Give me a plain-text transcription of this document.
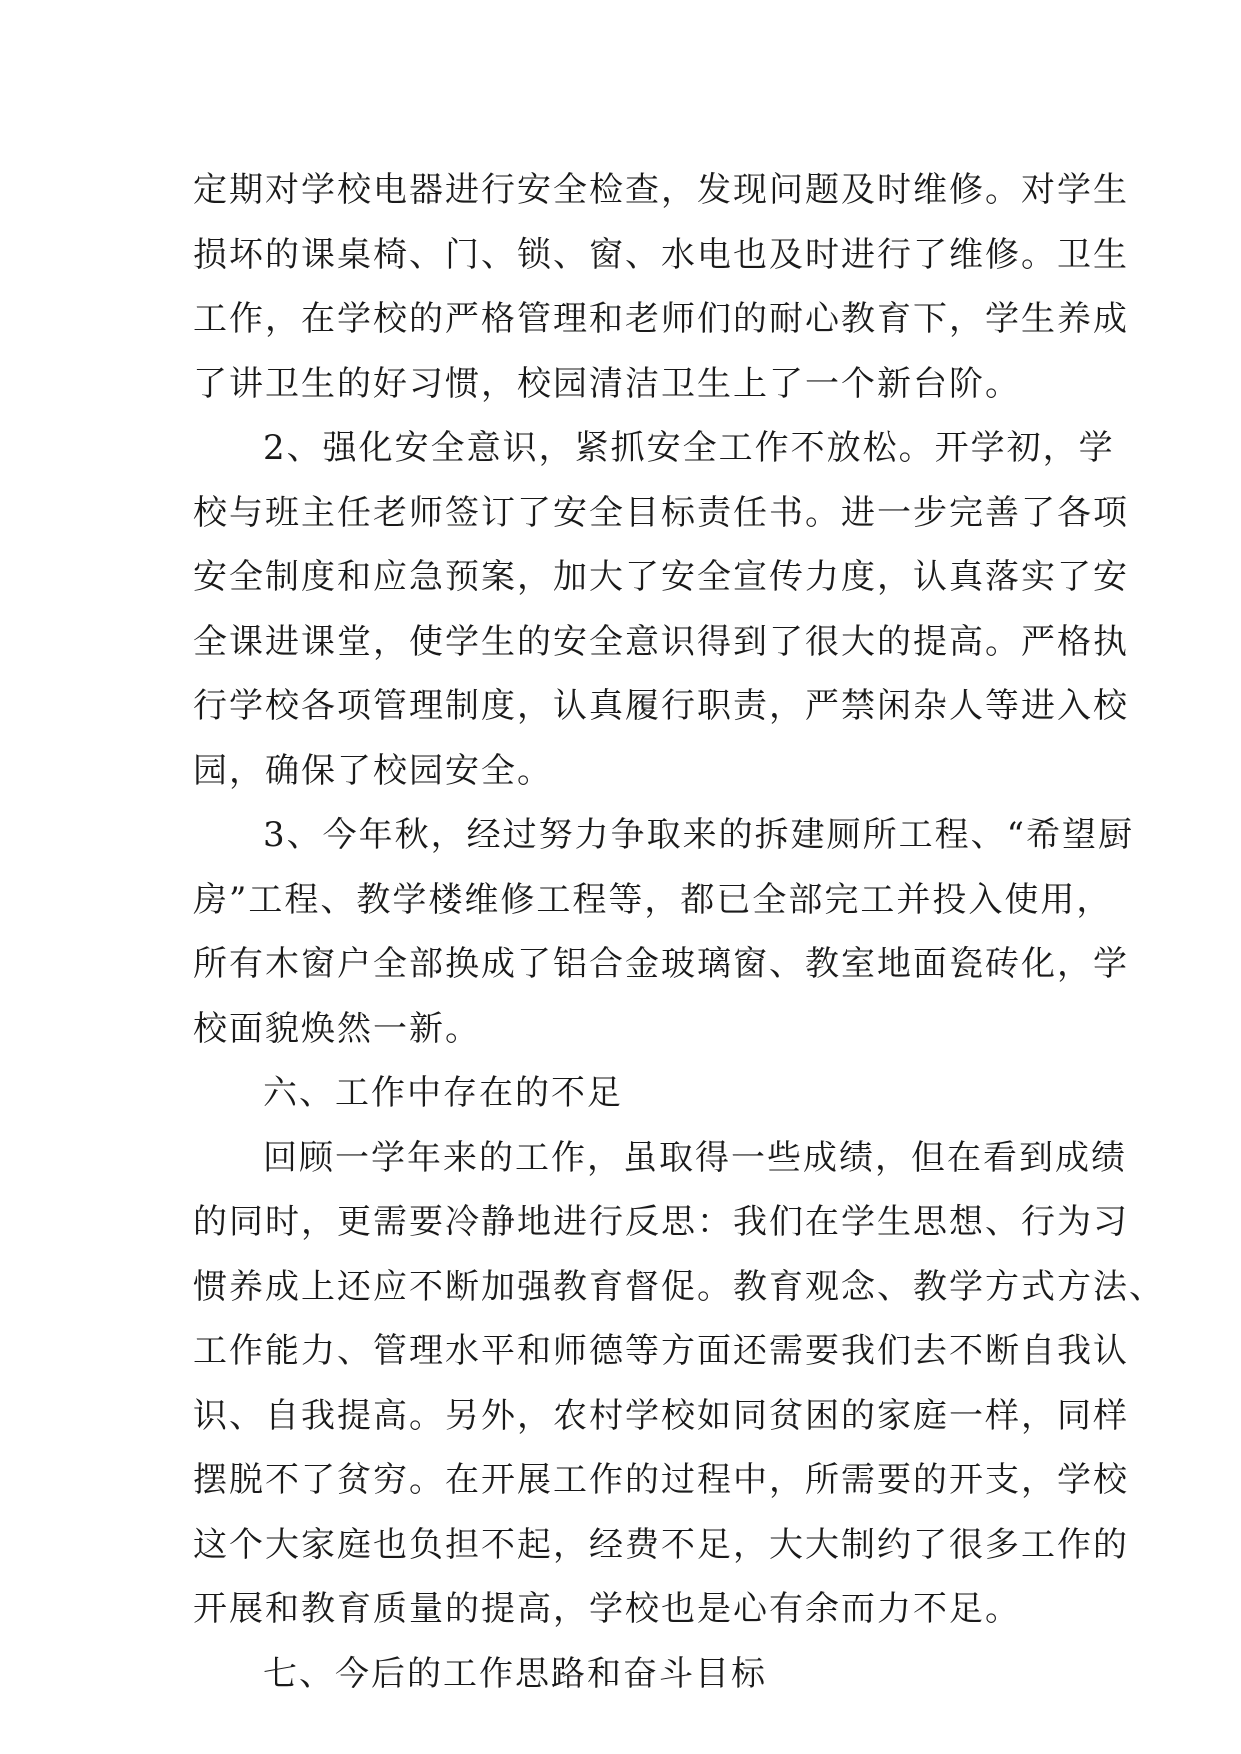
定期对学校电器进行安全检查，发现问题及时维修。对学生
损坏的课桌椅、门、锁、窗、水电也及时进行了维修。卫生
工作，在学校的严格管理和老师们的耐心教育下，学生养成
了讲卫生的好习惯，校园清洁卫生上了一个新台阶。
2、强化安全意识，紧抓安全工作不放松。开学初，学
校与班主任老师签订了安全目标责任书。进一步完善了各项
安全制度和应急预案，加大了安全宣传力度，认真落实了安
全课进课堂，使学生的安全意识得到了很大的提高。严格执
行学校各项管理制度，认真履行职责，严禁闲杂人等进入校
园，确保了校园安全。
3、今年秋，经过努力争取来的拆建厕所工程、“希望厨
房”工程、教学楼维修工程等，都已全部完工并投入使用，
所有木窗户全部换成了铝合金玻璃窗、教室地面瓷砖化，学
校面貌焕然一新。
六、工作中存在的不足
回顾一学年来的工作，虽取得一些成绩，但在看到成绩
的同时，更需要冷静地进行反思：我们在学生思想、行为习
惯养成上还应不断加强教育督促。教育观念、教学方式方法、
工作能力、管理水平和师德等方面还需要我们去不断自我认
识、自我提高。另外，农村学校如同贫困的家庭一样，同样
摆脱不了贫穷。在开展工作的过程中，所需要的开支，学校
这个大家庭也负担不起，经费不足，大大制约了很多工作的
开展和教育质量的提高，学校也是心有余而力不足。
七、今后的工作思路和奋斗目标
